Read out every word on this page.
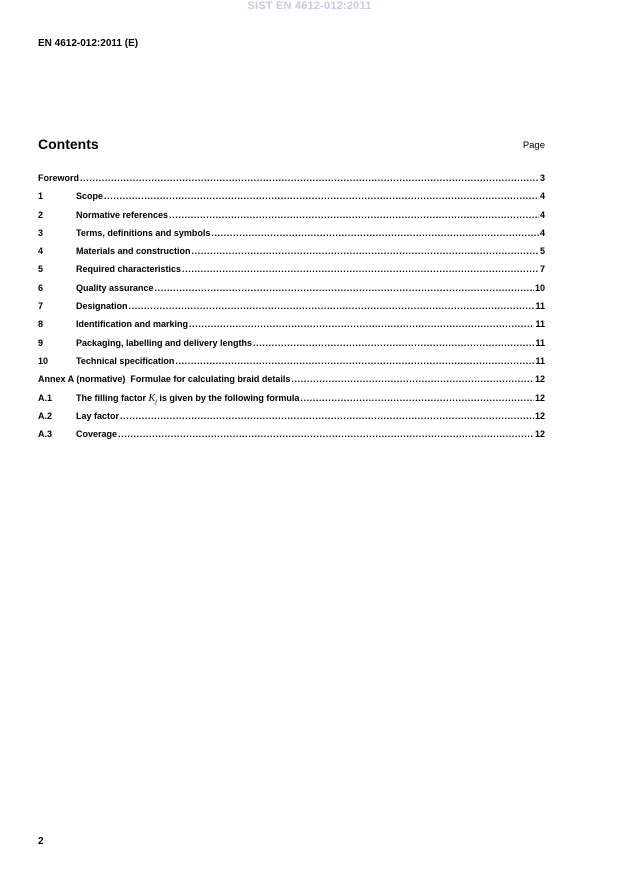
SIST EN 4612-012:2011
EN 4612-012:2011 (E)
Contents	Page
Foreword .....	3
1	Scope .....	4
2	Normative references .....	4
3	Terms, definitions and symbols .....	4
4	Materials and construction .....	5
5	Required characteristics .....	7
6	Quality assurance .....	10
7	Designation .....	11
8	Identification and marking .....	11
9	Packaging, labelling and delivery lengths .....	11
10	Technical specification .....	11
Annex A (normative)  Formulae for calculating braid details .....	12
A.1	The filling factor $K_f$ is given by the following formula .....	12
A.2	Lay factor .....	12
A.3	Coverage .....	12
2
